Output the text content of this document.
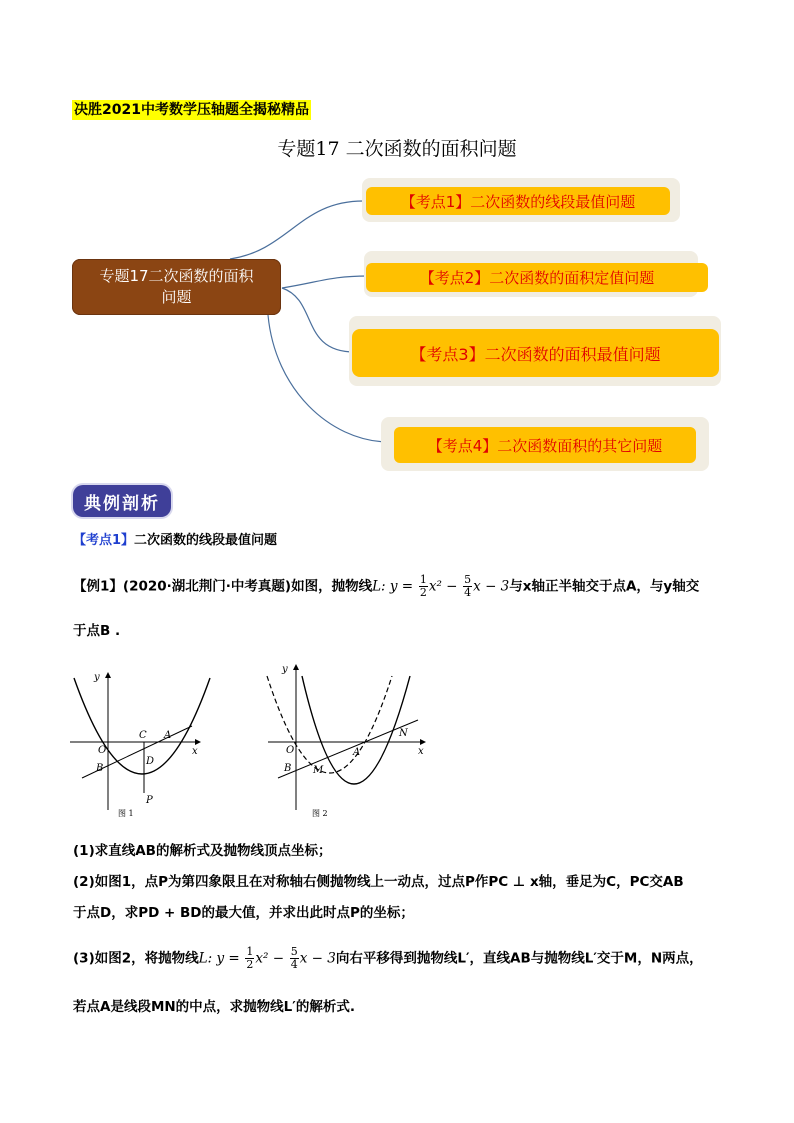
决胜2021中考数学压轴题全揭秘精品
专题17 二次函数的面积问题
专题17二次函数的面积
问题
【考点1】二次函数的线段最值问题
【考点2】二次函数的面积定值问题
【考点3】二次函数的面积最值问题
【考点4】二次函数面积的其它问题
典例剖析
【考点1】二次函数的线段最值问题
【例1】(2020·湖北荆门·中考真题)如图，抛物线L: $y = \frac{1}{2} x^2 - \frac{5}{4}$ x − 3与x轴正半轴交于点A，与y轴交
于点B .
y
x
O
B
C A
D
P
图 1
y
x
O
B
A
M
N
图 2
(1)求直线AB的解析式及抛物线顶点坐标；
(2)如图1，点P为第四象限且在对称轴右侧抛物线上一动点，过点P作PC ⊥ x轴，垂足为C，PC交AB
于点D，求PD + BD的最大值，并求出此时点P的坐标；
(3)如图2，将抛物线L: $y = \frac{1}{2} x^2 - \frac{5}{4}$ x − 3向右平移得到抛物线L′，直线AB与抛物线L′交于M，N两点，
若点A是线段MN的中点，求抛物线L′的解析式.
